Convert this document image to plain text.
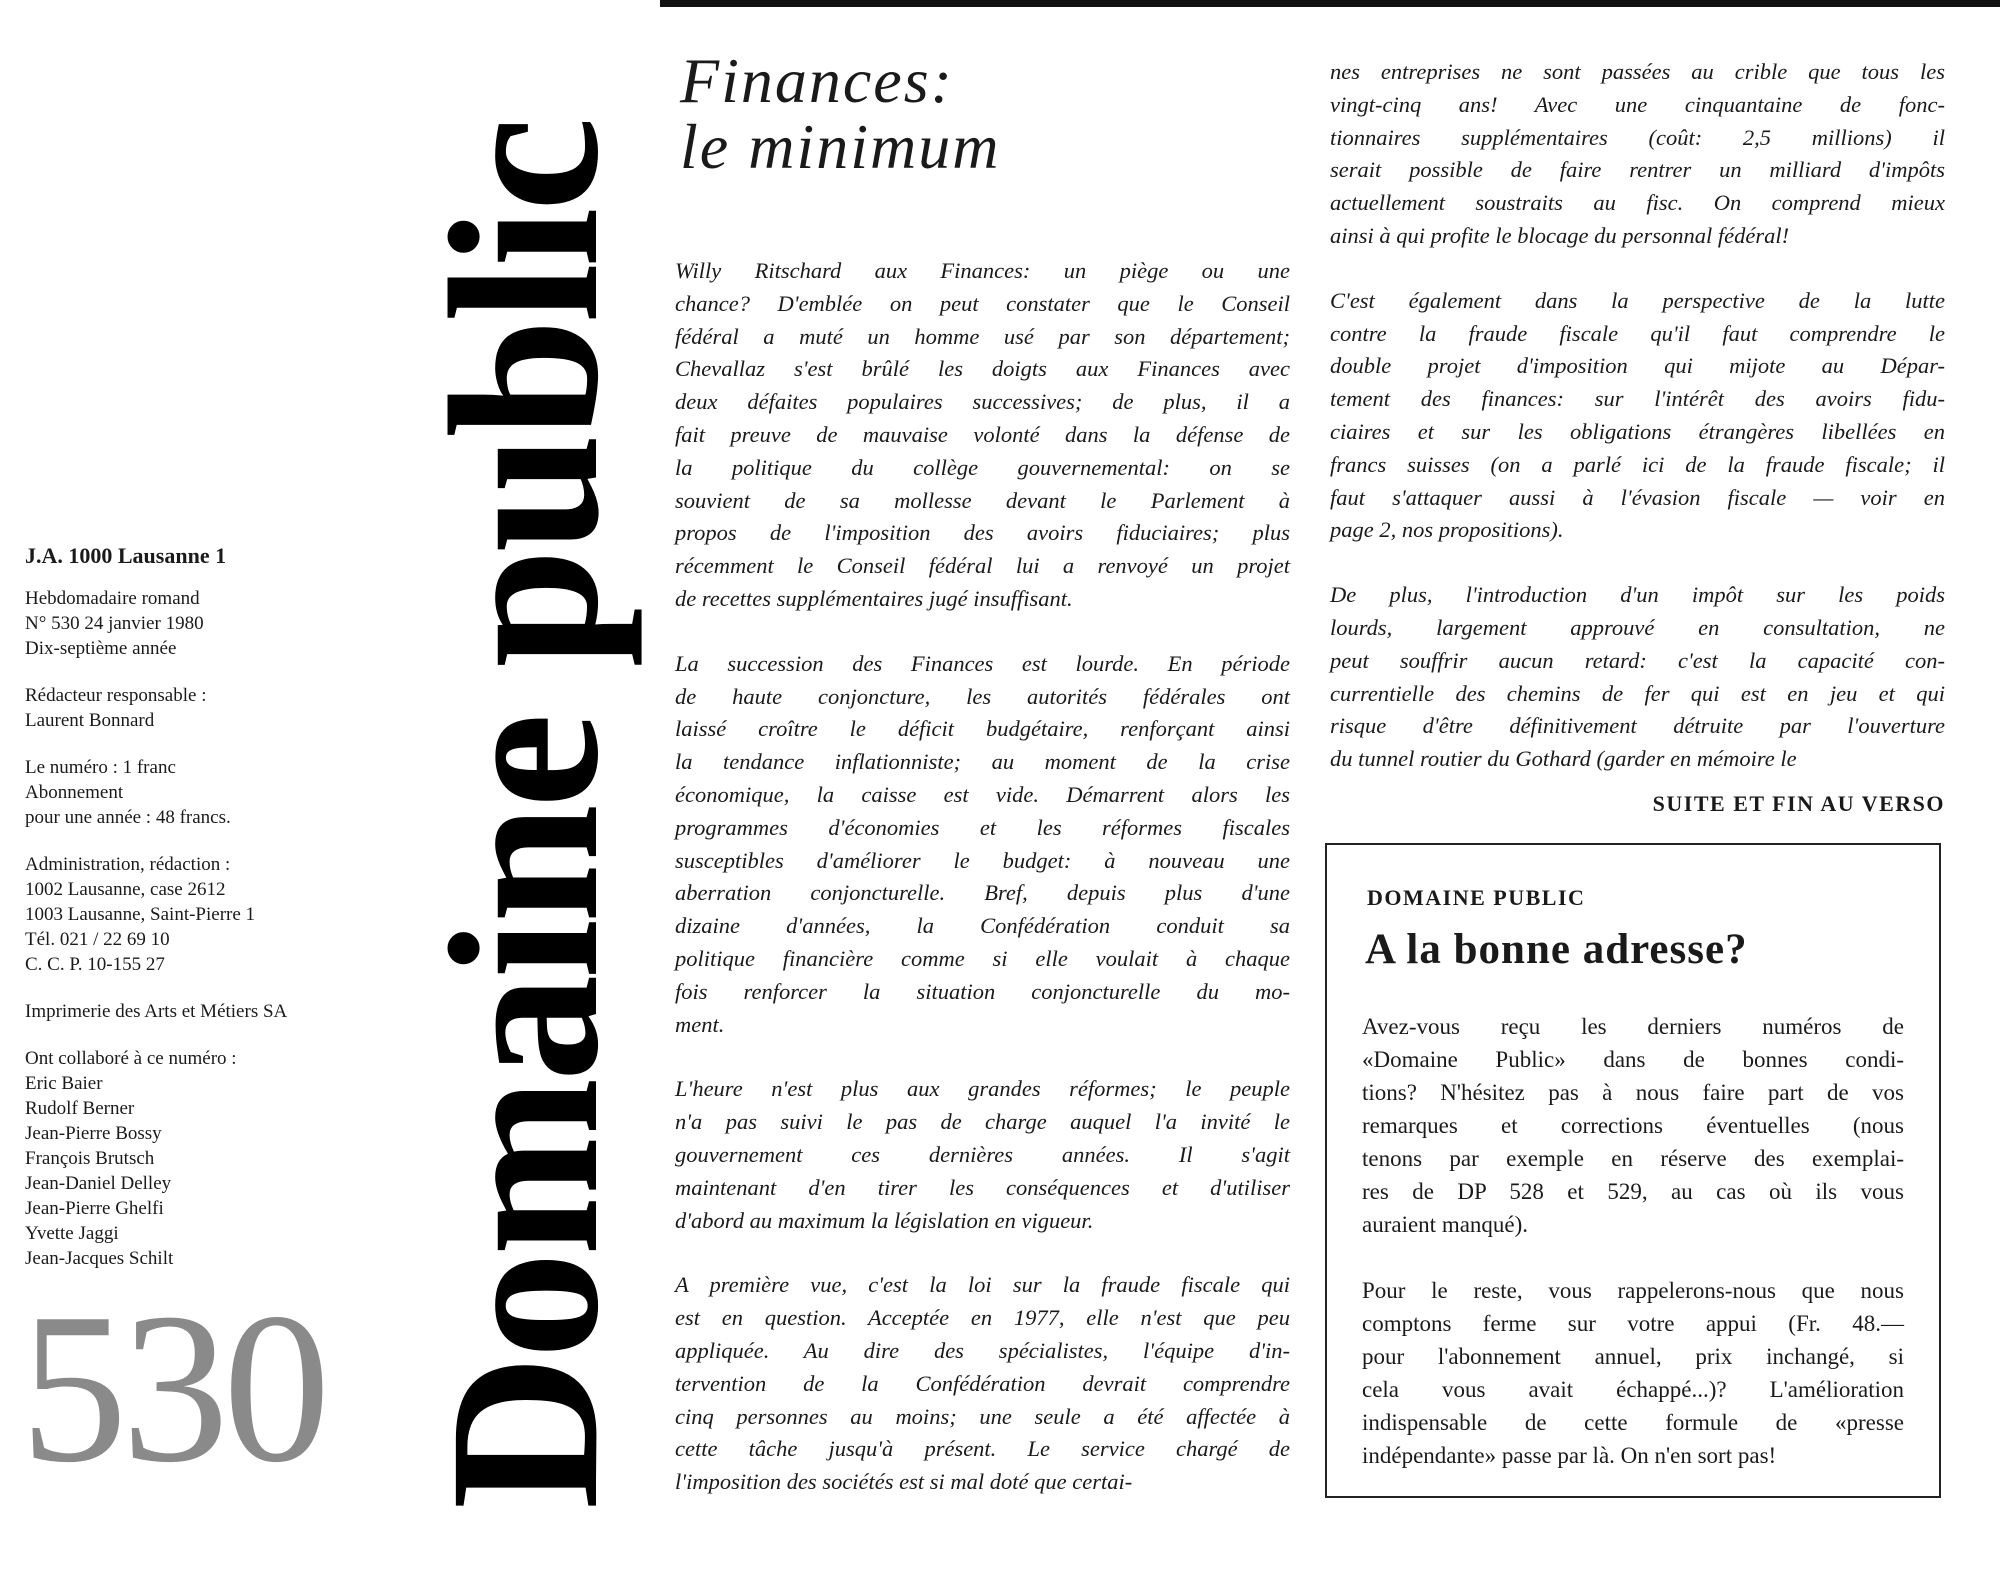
J.A. 1000 Lausanne 1
Hebdomadaire romand
N° 530 24 janvier 1980
Dix-septième année
Rédacteur responsable :
Laurent Bonnard
Le numéro : 1 franc
Abonnement
pour une année : 48 francs.
Administration, rédaction :
1002 Lausanne, case 2612
1003 Lausanne, Saint-Pierre 1
Tél. 021 / 22 69 10
C. C. P. 10-155 27
Imprimerie des Arts et Métiers SA
Ont collaboré à ce numéro :
Eric Baier
Rudolf Berner
Jean-Pierre Bossy
François Brutsch
Jean-Daniel Delley
Jean-Pierre Ghelfi
Yvette Jaggi
Jean-Jacques Schilt
530 Domaine public
Finances:
le minimum
Willy Ritschard aux Finances: un piège ou une
chance? D'emblée on peut constater que le Conseil
fédéral a muté un homme usé par son département;
Chevallaz s'est brûlé les doigts aux Finances avec
deux défaites populaires successives; de plus, il a
fait preuve de mauvaise volonté dans la défense de
la politique du collège gouvernemental: on se
souvient de sa mollesse devant le Parlement à
propos de l'imposition des avoirs fiduciaires; plus
récemment le Conseil fédéral lui a renvoyé un projet
de recettes supplémentaires jugé insuffisant.
La succession des Finances est lourde. En période
de haute conjoncture, les autorités fédérales ont
laissé croître le déficit budgétaire, renforçant ainsi
la tendance inflationniste; au moment de la crise
économique, la caisse est vide. Démarrent alors les
programmes d'économies et les réformes fiscales
susceptibles d'améliorer le budget: à nouveau une
aberration conjoncturelle. Bref, depuis plus d'une
dizaine d'années, la Confédération conduit sa
politique financière comme si elle voulait à chaque
fois renforcer la situation conjoncturelle du mo-
ment.
L'heure n'est plus aux grandes réformes; le peuple
n'a pas suivi le pas de charge auquel l'a invité le
gouvernement ces dernières années. Il s'agit
maintenant d'en tirer les conséquences et d'utiliser
d'abord au maximum la législation en vigueur.
A première vue, c'est la loi sur la fraude fiscale qui
est en question. Acceptée en 1977, elle n'est que peu
appliquée. Au dire des spécialistes, l'équipe d'in-
tervention de la Confédération devrait comprendre
cinq personnes au moins; une seule a été affectée à
cette tâche jusqu'à présent. Le service chargé de
l'imposition des sociétés est si mal doté que certai-
nes entreprises ne sont passées au crible que tous les
vingt-cinq ans! Avec une cinquantaine de fonc-
tionnaires supplémentaires (coût: 2,5 millions) il
serait possible de faire rentrer un milliard d'impôts
actuellement soustraits au fisc. On comprend mieux
ainsi à qui profite le blocage du personnal fédéral!
C'est également dans la perspective de la lutte
contre la fraude fiscale qu'il faut comprendre le
double projet d'imposition qui mijote au Dépar-
tement des finances: sur l'intérêt des avoirs fidu-
ciaires et sur les obligations étrangères libellées en
francs suisses (on a parlé ici de la fraude fiscale; il
faut s'attaquer aussi à l'évasion fiscale — voir en
page 2, nos propositions).
De plus, l'introduction d'un impôt sur les poids
lourds, largement approuvé en consultation, ne
peut souffrir aucun retard: c'est la capacité con-
currentielle des chemins de fer qui est en jeu et qui
risque d'être définitivement détruite par l'ouverture
du tunnel routier du Gothard (garder en mémoire le
SUITE ET FIN AU VERSO
DOMAINE PUBLIC
A la bonne adresse?
Avez-vous reçu les derniers numéros de
«Domaine Public» dans de bonnes condi-
tions? N'hésitez pas à nous faire part de vos
remarques et corrections éventuelles (nous
tenons par exemple en réserve des exemplai-
res de DP 528 et 529, au cas où ils vous
auraient manqué).
Pour le reste, vous rappelerons-nous que nous
comptons ferme sur votre appui (Fr. 48.—
pour l'abonnement annuel, prix inchangé, si
cela vous avait échappé...)? L'amélioration
indispensable de cette formule de «presse
indépendante» passe par là. On n'en sort pas!
